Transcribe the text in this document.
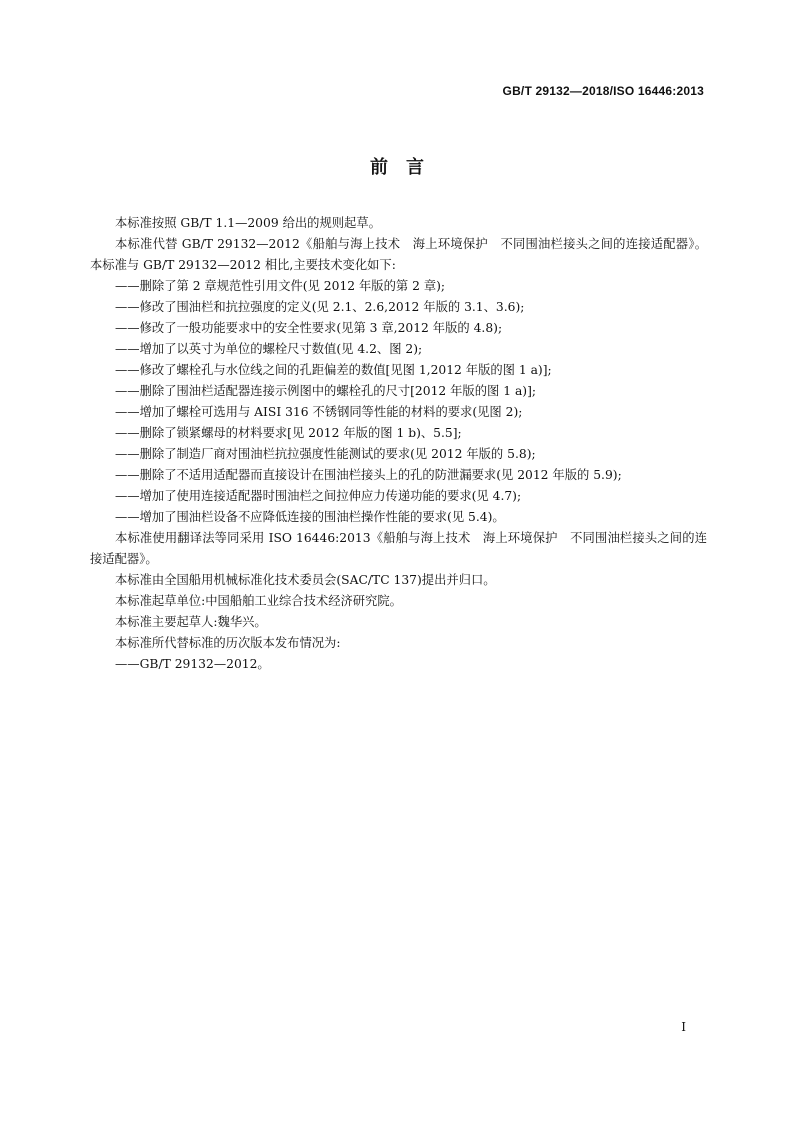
GB/T 29132—2018/ISO 16446:2013
前　言

本标准按照 GB/T 1.1—2009 给出的规则起草。

本标准代替 GB/T 29132—2012《船舶与海上技术　海上环境保护　不同围油栏接头之间的连接适配器》。本标准与 GB/T 29132—2012 相比,主要技术变化如下:

——删除了第 2 章规范性引用文件(见 2012 年版的第 2 章);

——修改了围油栏和抗拉强度的定义(见 2.1、2.6,2012 年版的 3.1、3.6);

——修改了一般功能要求中的安全性要求(见第 3 章,2012 年版的 4.8);

——增加了以英寸为单位的螺栓尺寸数值(见 4.2、图 2);

——修改了螺栓孔与水位线之间的孔距偏差的数值[见图 1,2012 年版的图 1 a)];

——删除了围油栏适配器连接示例图中的螺栓孔的尺寸[2012 年版的图 1 a)];

——增加了螺栓可选用与 AISI 316 不锈钢同等性能的材料的要求(见图 2);

——删除了锁紧螺母的材料要求[见 2012 年版的图 1 b)、5.5];

——删除了制造厂商对围油栏抗拉强度性能测试的要求(见 2012 年版的 5.8);

——删除了不适用适配器而直接设计在围油栏接头上的孔的防泄漏要求(见 2012 年版的 5.9);

——增加了使用连接适配器时围油栏之间拉伸应力传递功能的要求(见 4.7);

——增加了围油栏设备不应降低连接的围油栏操作性能的要求(见 5.4)。

本标准使用翻译法等同采用 ISO 16446:2013《船舶与海上技术　海上环境保护　不同围油栏接头之间的连接适配器》。

本标准由全国船用机械标准化技术委员会(SAC/TC 137)提出并归口。

本标准起草单位:中国船舶工业综合技术经济研究院。

本标准主要起草人:魏华兴。

本标准所代替标准的历次版本发布情况为:

——GB/T 29132—2012。

I
